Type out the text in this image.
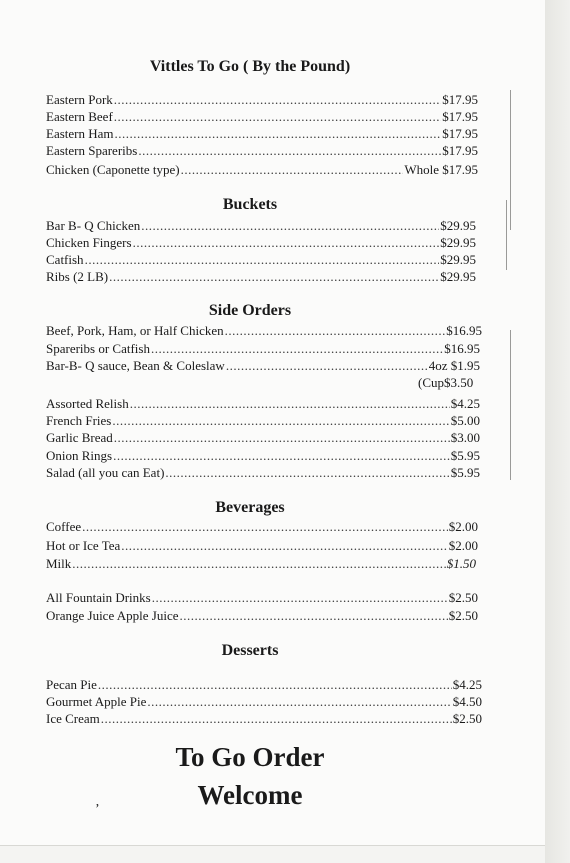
Vittles To Go ( By the Pound)
Eastern Pork .....	$17.95
Eastern Beef .....	$17.95
Eastern Ham .....	$17.95
Eastern Spareribs .....	$17.95
Chicken (Caponette type) .....	Whole $17.95
Buckets
Bar B- Q Chicken .....	$29.95
Chicken Fingers .....	$29.95
Catfish .....	$29.95
Ribs (2 LB) .....	$29.95
Side Orders
Beef, Pork, Ham, or Half Chicken .....	$16.95
Spareribs or Catfish .....	$16.95
Bar-B- Q sauce, Bean & Coleslaw .....	4oz $1.95
(Cup$3.50
Assorted Relish .....	$4.25
French Fries .....	$5.00
Garlic Bread .....	$3.00
Onion Rings .....	$5.95
Salad (all you can Eat) .....	$5.95
Beverages
Coffee .....	$2.00
Hot or Ice Tea .....	$2.00
Milk .....	$1.50
All Fountain Drinks .....	$2.50
Orange Juice Apple Juice .....	$2.50
Desserts
Pecan Pie .....	$4.25
Gourmet Apple Pie .....	$4.50
Ice Cream .....	$2.50
To Go Order
Welcome
ʼ
